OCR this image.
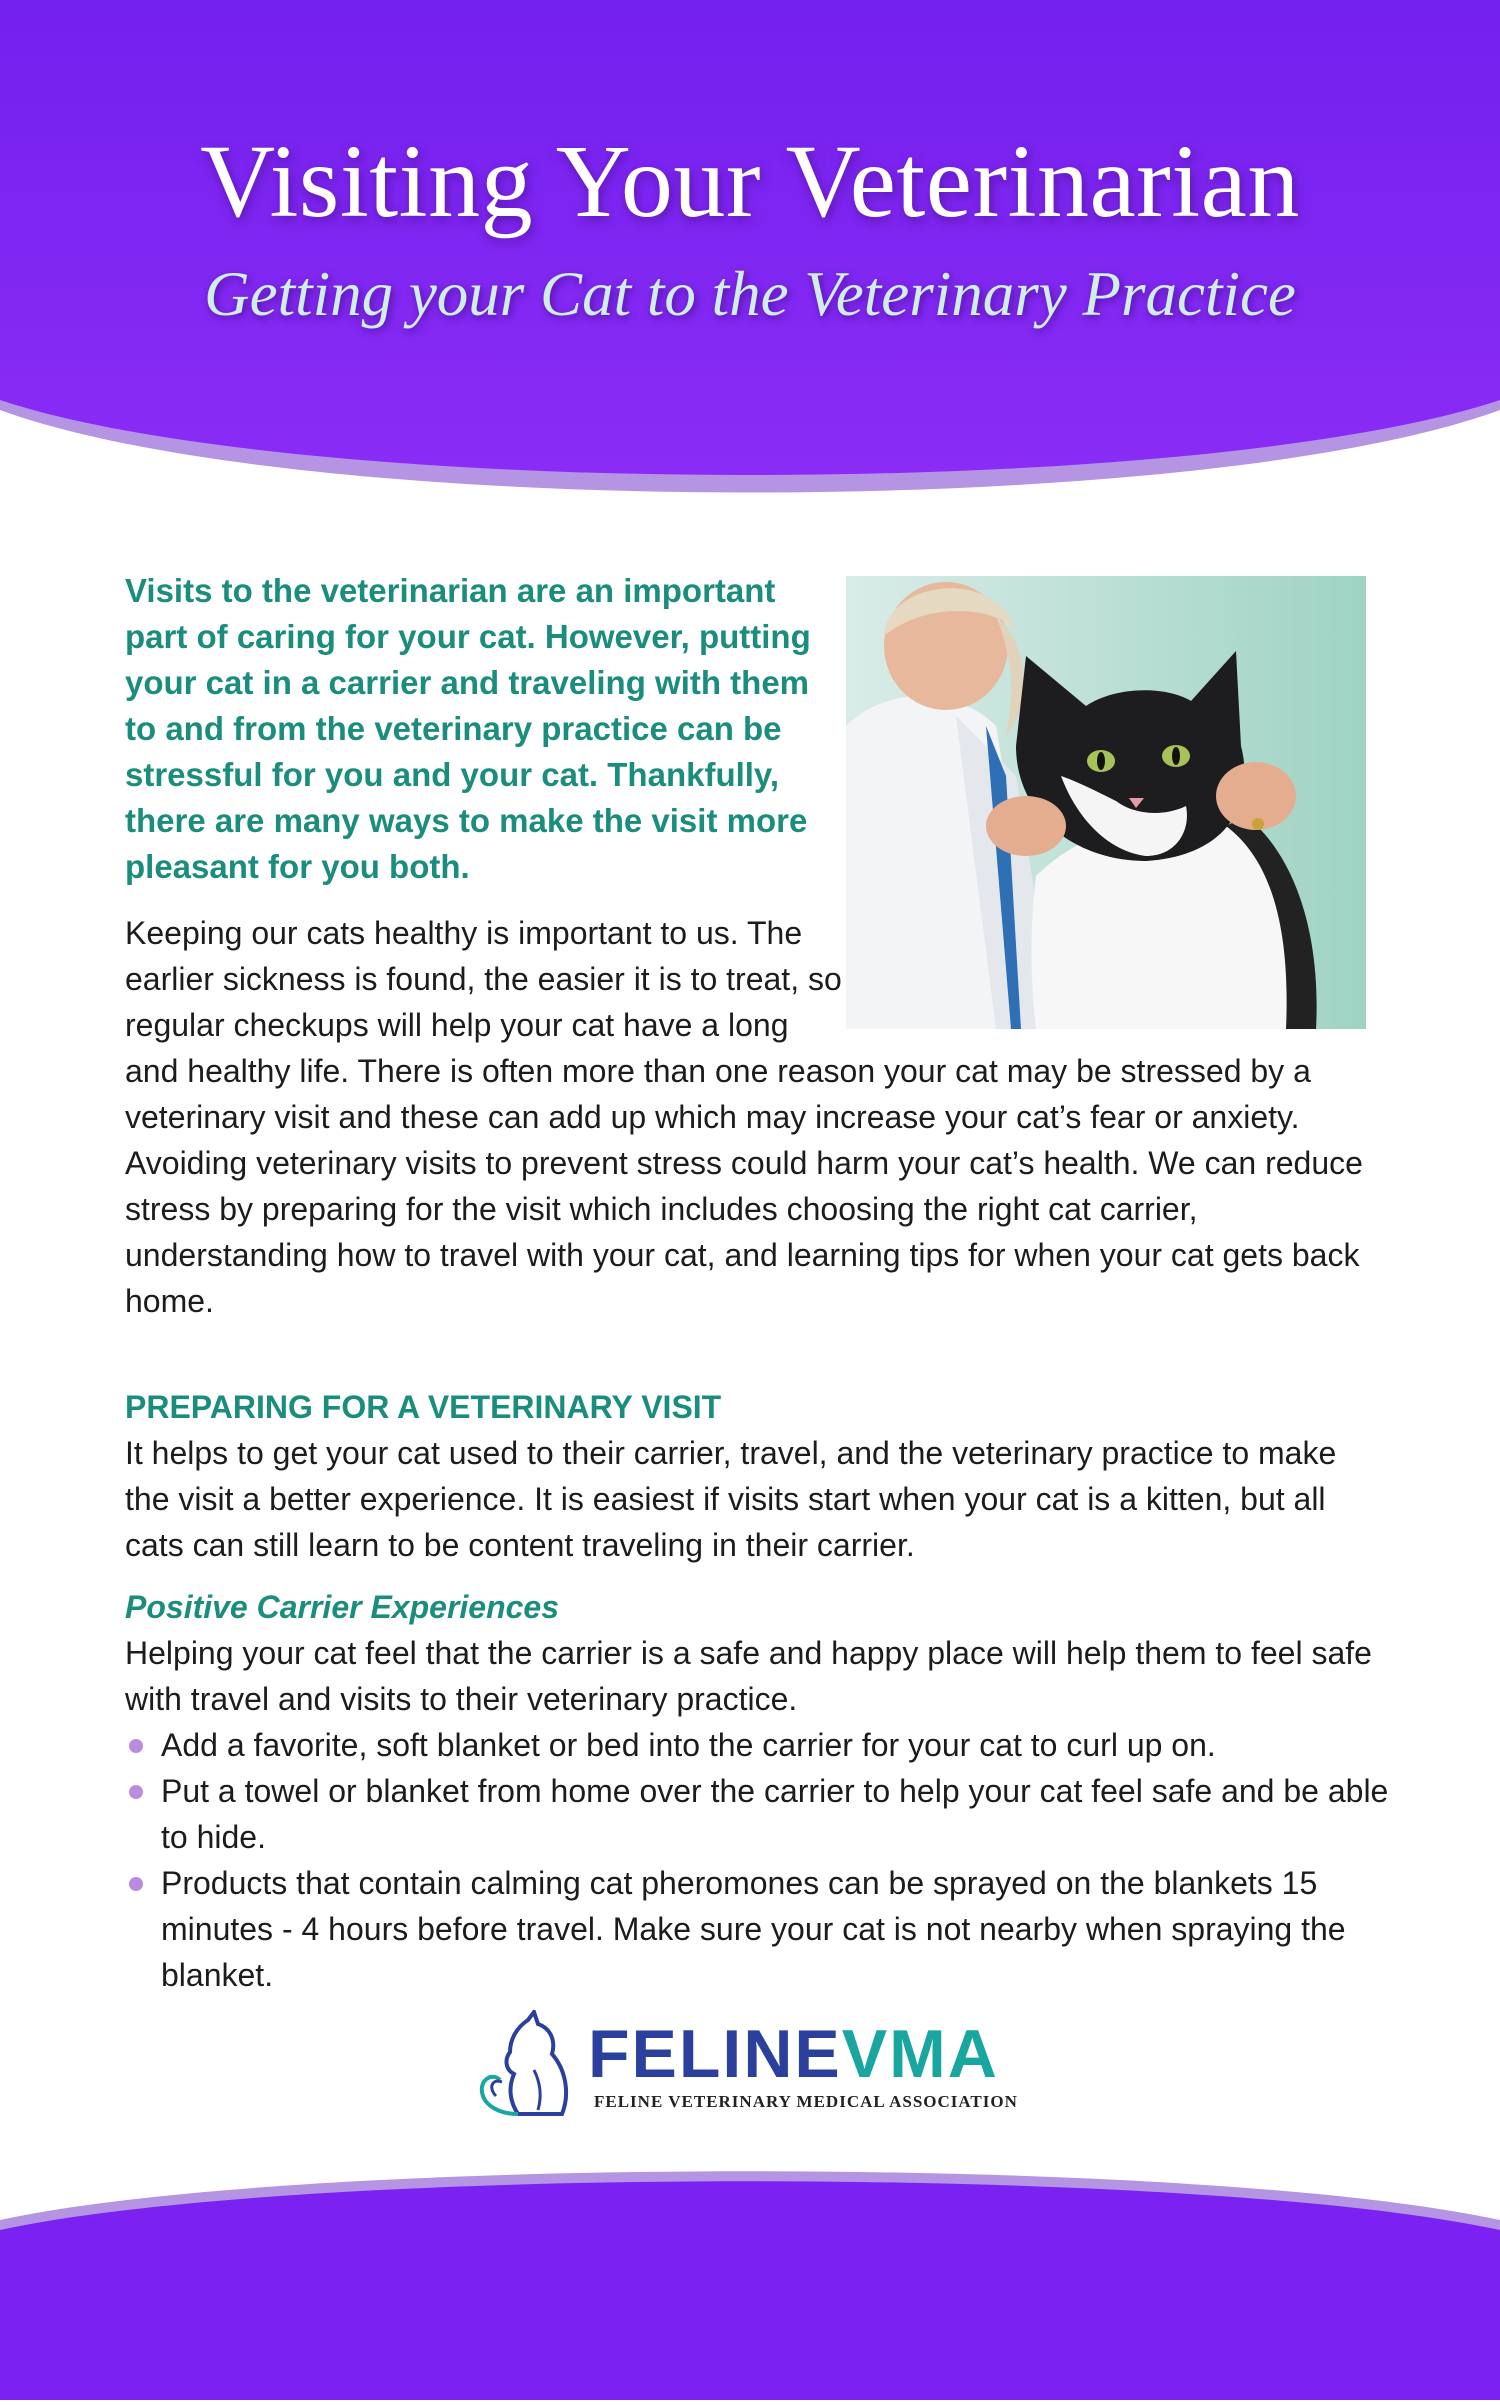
Visiting Your Veterinarian
Getting your Cat to the Veterinary Practice

Visits to the veterinarian are an important part of caring for your cat. However, putting your cat in a carrier and traveling with them to and from the veterinary practice can be stressful for you and your cat. Thankfully, there are many ways to make the visit more pleasant for you both.

Keeping our cats healthy is important to us. The earlier sickness is found, the easier it is to treat, so regular checkups will help your cat have a long and healthy life. There is often more than one reason your cat may be stressed by a veterinary visit and these can add up which may increase your cat’s fear or anxiety. Avoiding veterinary visits to prevent stress could harm your cat’s health. We can reduce stress by preparing for the visit which includes choosing the right cat carrier, understanding how to travel with your cat, and learning tips for when your cat gets back home.

PREPARING FOR A VETERINARY VISIT

It helps to get your cat used to their carrier, travel, and the veterinary practice to make the visit a better experience. It is easiest if visits start when your cat is a kitten, but all cats can still learn to be content traveling in their carrier.

Positive Carrier Experiences

Helping your cat feel that the carrier is a safe and happy place will help them to feel safe with travel and visits to their veterinary practice.

Add a favorite, soft blanket or bed into the carrier for your cat to curl up on.
Put a towel or blanket from home over the carrier to help your cat feel safe and be able to hide.
Products that contain calming cat pheromones can be sprayed on the blankets 15 minutes - 4 hours before travel. Make sure your cat is not nearby when spraying the blanket.
FELINEVMA
FELINE VETERINARY MEDICAL ASSOCIATION
